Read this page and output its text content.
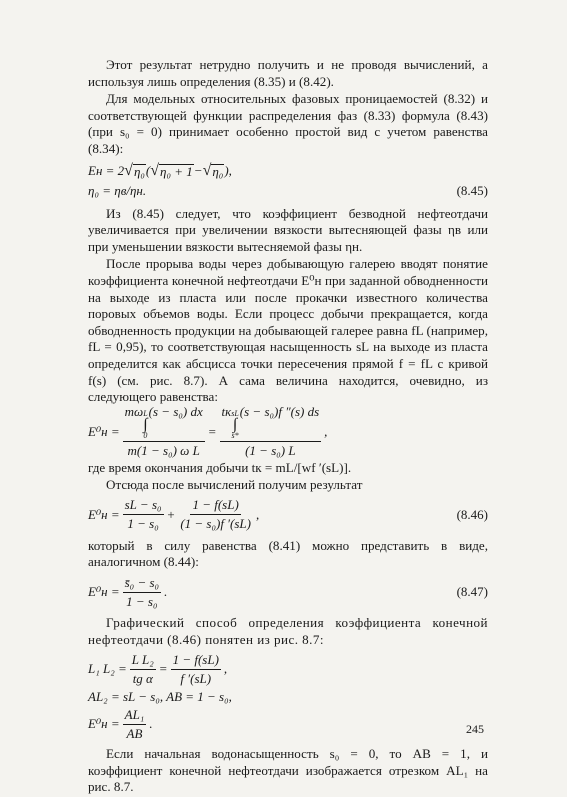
Этот результат нетрудно получить и не проводя вычислений, а используя лишь определения (8.35) и (8.42).

Для модельных относительных фазовых проницаемостей (8.32) и соответствующей функции распределения фаз (8.33) формула (8.43) (при s₀ = 0) принимает особенно простой вид с учетом равенства (8.34):

Eн = 2 √ η₀ ( √ η₀ + 1 − √ η₀ ),
η₀ = ηв/ηн.	(8.45)

Из (8.45) следует, что коэффициент безводной нефтеотдачи увеличивается при увеличении вязкости вытесняющей фазы ηв или при уменьшении вязкости вытесняемой фазы ηн.

После прорыва воды через добывающую галерею вводят понятие коэффициента конечной нефтеотдачи E⁰н при заданной обводненности на выходе из пласта или после прокачки известного количества поровых объемов воды. Если процесс добычи прекращается, когда обводненность продукции на добывающей галерее равна fL (например, fL = 0,95), то соответствующая насыщенность sL на выходе из пласта определится как абсцисса точки пересечения прямой f = fL с кривой f(s) (см. рис. 8.7). А сама величина находится, очевидно, из следующего равенства:

E⁰н = mω L
∫
0
(s − s₀) dx
m(1 − s₀) ω L = tк sL
∫
s*
(s − s₀)f ″(s) ds
(1 − s₀) L ,

где время окончания добычи tк = mL/[wf ′(sL)].

Отсюда после вычислений получим результат

$E^0н = \frac{\text{sL − s₀}}{\text{1 − s₀}} + \frac{1 - f(sL)}{\text{(1 − s₀)f ′(sL)}}$ ,	(8.46)

который в силу равенства (8.41) можно представить в виде, аналогичном (8.44):

$E^0н = \frac{\text{s̄₀ − s₀}}{\text{1 − s₀}}$ .	(8.47)

Графический способ определения коэффициента конечной нефтеотдачи (8.46) понятен из рис. 8.7:

L₁ $L_2 = \frac{\text{L L₂}}{\text{tg α}} = \frac{1 - f(sL)}{f '(sL)}$ ,
AL₂ = sL − s₀, AB = 1 − s₀,
$E^0н = \frac{\text{AL₁}}{AB}$ .

Если начальная водонасыщенность s₀ = 0, то AB = 1, и коэффициент конечной нефтеотдачи изображается отрезком AL₁ на рис. 8.7.

245
